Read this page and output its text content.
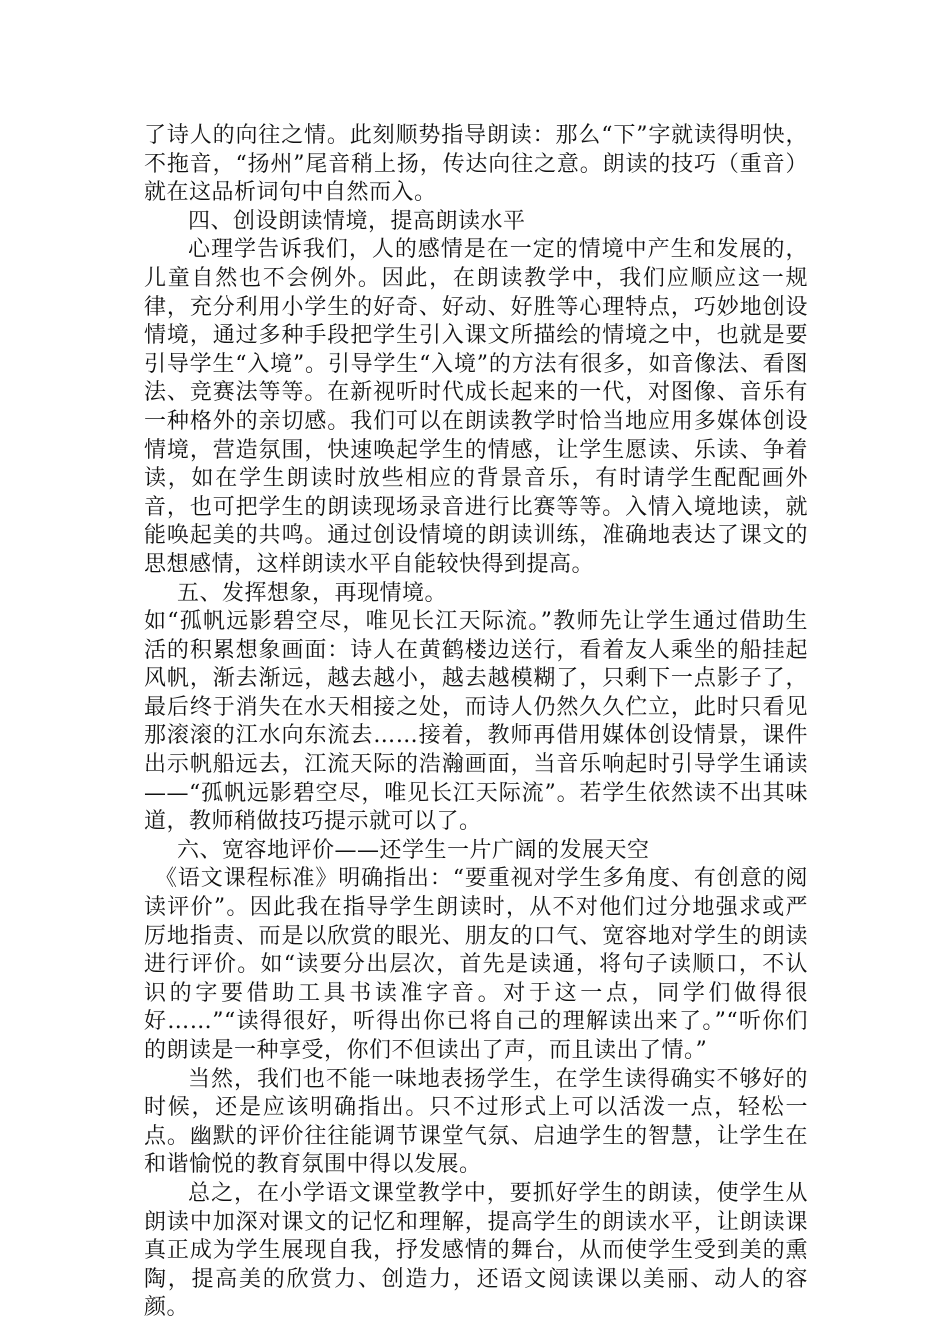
了诗人的向往之情。此刻顺势指导朗读：那么“下”字就读得明快，不拖音，“扬州”尾音稍上扬，传达向往之意。朗读的技巧（重音）就在这品析词句中自然而入。

四、创设朗读情境，提高朗读水平

心理学告诉我们，人的感情是在一定的情境中产生和发展的，儿童自然也不会例外。因此，在朗读教学中，我们应顺应这一规律，充分利用小学生的好奇、好动、好胜等心理特点，巧妙地创设情境，通过多种手段把学生引入课文所描绘的情境之中，也就是要引导学生“入境”。引导学生“入境”的方法有很多，如音像法、看图法、竞赛法等等。在新视听时代成长起来的一代，对图像、音乐有一种格外的亲切感。我们可以在朗读教学时恰当地应用多媒体创设情境，营造氛围，快速唤起学生的情感，让学生愿读、乐读、争着读，如在学生朗读时放些相应的背景音乐，有时请学生配配画外音，也可把学生的朗读现场录音进行比赛等等。入情入境地读，就能唤起美的共鸣。通过创设情境的朗读训练，准确地表达了课文的思想感情，这样朗读水平自能较快得到提高。

五、发挥想象，再现情境。

如“孤帆远影碧空尽，唯见长江天际流。”教师先让学生通过借助生活的积累想象画面：诗人在黄鹤楼边送行，看着友人乘坐的船挂起风帆，渐去渐远，越去越小，越去越模糊了，只剩下一点影子了，最后终于消失在水天相接之处，而诗人仍然久久伫立，此时只看见那滚滚的江水向东流去……接着，教师再借用媒体创设情景，课件出示帆船远去，江流天际的浩瀚画面，当音乐响起时引导学生诵读——“孤帆远影碧空尽，唯见长江天际流”。若学生依然读不出其味道，教师稍做技巧提示就可以了。

六、宽容地评价——还学生一片广阔的发展天空

《语文课程标准》明确指出：“要重视对学生多角度、有创意的阅读评价”。因此我在指导学生朗读时，从不对他们过分地强求或严厉地指责、而是以欣赏的眼光、朋友的口气、宽容地对学生的朗读进行评价。如“读要分出层次，首先是读通，将句子读顺口，不认识的字要借助工具书读准字音。对于这一点，同学们做得很好……”“读得很好，听得出你已将自己的理解读出来了。”“听你们的朗读是一种享受，你们不但读出了声，而且读出了情。”

当然，我们也不能一味地表扬学生，在学生读得确实不够好的时候，还是应该明确指出。只不过形式上可以活泼一点，轻松一点。幽默的评价往往能调节课堂气氛、启迪学生的智慧，让学生在和谐愉悦的教育氛围中得以发展。

总之，在小学语文课堂教学中，要抓好学生的朗读，使学生从朗读中加深对课文的记忆和理解，提高学生的朗读水平，让朗读课真正成为学生展现自我，抒发感情的舞台，从而使学生受到美的熏陶，提高美的欣赏力、创造力，还语文阅读课以美丽、动人的容颜。
